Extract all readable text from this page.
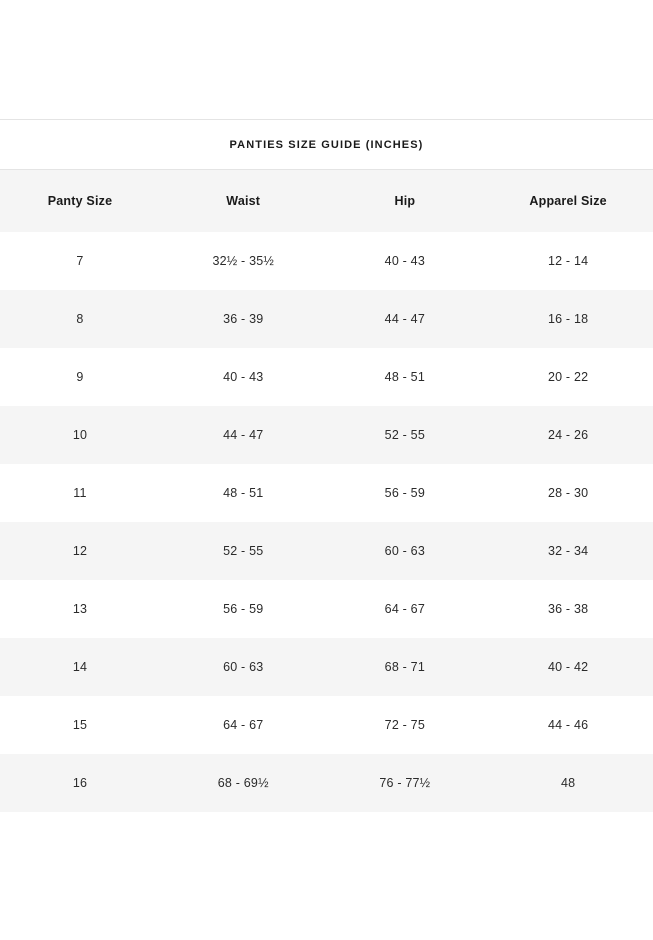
PANTIES SIZE GUIDE (INCHES)			
Panty Size	Waist	Hip	Apparel Size
7	32½ - 35½	40 - 43	12 - 14
8	36 - 39	44 - 47	16 - 18
9	40 - 43	48 - 51	20 - 22
10	44 - 47	52 - 55	24 - 26
11	48 - 51	56 - 59	28 - 30
12	52 - 55	60 - 63	32 - 34
13	56 - 59	64 - 67	36 - 38
14	60 - 63	68 - 71	40 - 42
15	64 - 67	72 - 75	44 - 46
16	68 - 69½	76 - 77½	48
